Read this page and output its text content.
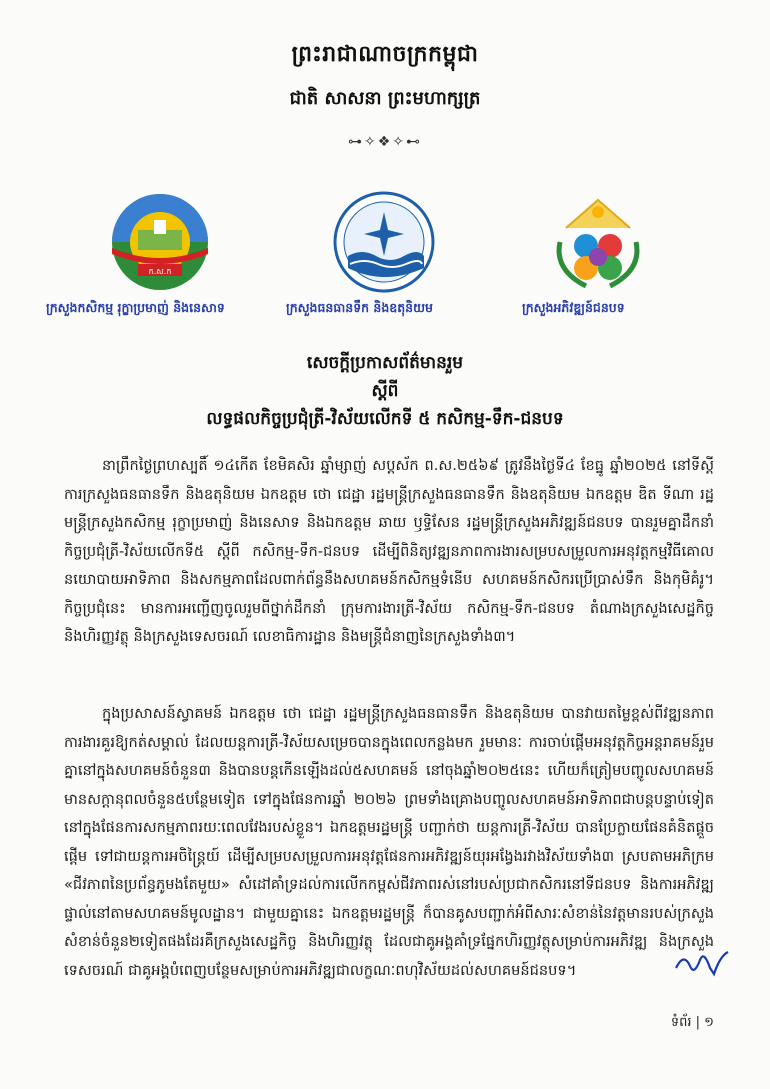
ព្រះរាជាណាចក្រកម្ពុជា
ជាតិ សាសនា ព្រះមហាក្សត្រ
⊶✧❖✧⊷
ក.ស.ក
ក្រសួងកសិកម្ម រុក្ខាប្រមាញ់ និងនេសាទ	ក្រសួងធនធានទឹក និងឧតុនិយម	ក្រសួងអភិវឌ្ឍន៍ជនបទ
សេចក្តីប្រកាសព័ត៌មានរួម
ស្តីពី
លទ្ធផលកិច្ចប្រជុំត្រី-វិស័យលើកទី ៥ កសិកម្ម-ទឹក-ជនបទ
នាព្រឹកថ្ងៃព្រហស្បតិ៍ ១៤កើត ខែមិគសិរ ឆ្នាំម្សាញ់ សប្តស័ក ព.ស.២៥៦៩ ត្រូវនឹងថ្ងៃទី៤ ខែធ្នូ ឆ្នាំ២០២៥ នៅទីស្តីការក្រសួងធនធានទឹក និងឧតុនិយម ឯកឧត្តម ថោ ជេដ្ឋា រដ្ឋមន្ត្រីក្រសួងធនធានទឹក និងឧតុនិយម ឯកឧត្តម ឌិត ទីណា រដ្ឋមន្ត្រីក្រសួងកសិកម្ម រុក្ខាប្រមាញ់ និងនេសាទ និងឯកឧត្តម ឆាយ ឫទ្ធិសែន រដ្ឋមន្ត្រីក្រសួងអភិវឌ្ឍន៍ជនបទ បានរួមគ្នាដឹកនាំកិច្ចប្រជុំត្រី-វិស័យលើកទី៥ ស្តីពី កសិកម្ម-ទឹក-ជនបទ ដើម្បីពិនិត្យវឌ្ឍនភាពការងារសម្របសម្រួលការអនុវត្តកម្មវិធីគោលនយោបាយអាទិភាព និងសកម្មភាពដែលពាក់ព័ន្ធនឹងសហគមន៍កសិកម្មទំនើប សហគមន៍កសិករប្រើប្រាស់ទឹក និងកុមិគំរូ។ កិច្ចប្រជុំនេះ មានការអញ្ជើញចូលរួមពីថ្នាក់ដឹកនាំ ក្រុមការងារត្រី-វិស័យ កសិកម្ម-ទឹក-ជនបទ តំណាងក្រសួងសេដ្ឋកិច្ច និងហិរញ្ញវត្ថុ និងក្រសួងទេសចរណ៍ លេខាធិការដ្ឋាន និងមន្ត្រីជំនាញនៃក្រសួងទាំង៣។
ក្នុងប្រសាសន៍ស្វាគមន៍ ឯកឧត្តម ថោ ជេដ្ឋា រដ្ឋមន្ត្រីក្រសួងធនធានទឹក និងឧតុនិយម បានវាយតម្លៃខ្ពស់ពីវឌ្ឍនភាពការងារគួរឱ្យកត់សម្គាល់ ដែលយន្តការត្រី-វិស័យសម្រេចបានក្នុងពេលកន្លងមក រួមមានៈ ការចាប់ផ្តើមអនុវត្តកិច្ចអន្តរាគមន៍រួមគ្នានៅក្នុងសហគមន៍ចំនួន៣ និងបានបន្តកើនឡើងដល់៥សហគមន៍ នៅចុងឆ្នាំ២០២៥នេះ ហើយក៏ត្រៀមបញ្ចូលសហគមន៍មានសក្តានុពលចំនួន៥បន្ថែមទៀត ទៅក្នុងផែនការឆ្នាំ ២០២៦ ព្រមទាំងគ្រោងបញ្ចូលសហគមន៍អាទិភាពជាបន្តបន្ទាប់ទៀត នៅក្នុងផែនការសកម្មភាពរយៈពេលវែងរបស់ខ្លួន។ ឯកឧត្តមរដ្ឋមន្ត្រី បញ្ជាក់ថា យន្តការត្រី-វិស័យ បានប្រែក្លាយផែនគំនិតផ្តួចផ្តើម ទៅជាយន្តការអចិន្ត្រៃយ៍ ដើម្បីសម្របសម្រួលការអនុវត្តផែនការអភិវឌ្ឍន៍យុរអង្វែងរវាងវិស័យទាំង៣ ស្របតាមអភិក្រម «ជីវភាពនៃប្រព័ន្ធភូមងតែមួយ» សំដៅគាំទ្រដល់ការលើកកម្ពស់ជីវភាពរស់នៅរបស់ប្រជាកសិករនៅទីជនបទ និងការអភិវឌ្ឍផ្ទាល់នៅតាមសហគមន៍មូលដ្ឋាន។ ជាមួយគ្នានេះ ឯកឧត្តមរដ្ឋមន្ត្រី ក៏បានគូសបញ្ជាក់អំពីសារៈសំខាន់នៃវត្តមានរបស់ក្រសួងសំខាន់ចំនួន២ទៀតផងដែរគឺក្រសួងសេដ្ឋកិច្ច និងហិរញ្ញវត្ថុ ដែលជាគូអង្គគាំទ្រផ្នែកហិរញ្ញវត្ថុសម្រាប់ការអភិវឌ្ឍ និងក្រសួងទេសចរណ៍ ជាគូអង្គបំពេញបន្ថែមសម្រាប់ការអភិវឌ្ឍជាលក្ខណៈពហុវិស័យដល់សហគមន៍ជនបទ។
ទំព័រ | ១
